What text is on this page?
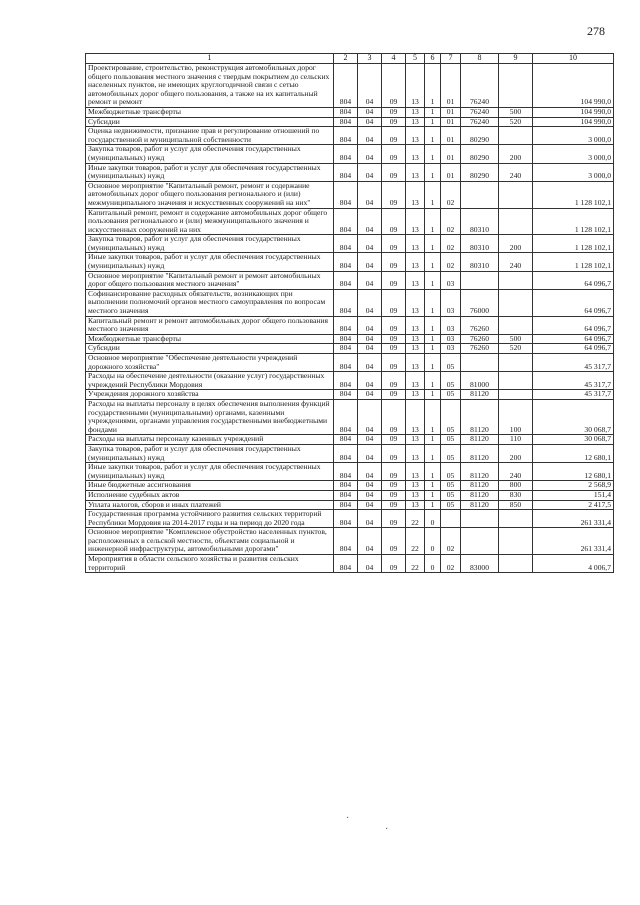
278
1	2	3	4	5	6	7	8	9	10
Проектирование, строительство, реконструкция автомобильных дорог общего пользования местного значения с твердым покрытием до сельских населенных пунктов, не имеющих круглогодичной связи с сетью автомобильных дорог общего пользования, а также на их капитальный ремонт и ремонт	804	04	09	13	1	01	76240		104 990,0
Межбюджетные трансферты	804	04	09	13	1	01	76240	500	104 990,0
Субсидии	804	04	09	13	1	01	76240	520	104 990,0
Оценка недвижимости, признание прав и регулирование отношений по государственной и муниципальной собственности	804	04	09	13	1	01	80290		3 000,0
Закупка товаров, работ и услуг для обеспечения государственных (муниципальных) нужд	804	04	09	13	1	01	80290	200	3 000,0
Иные закупки товаров, работ и услуг для обеспечения государственных (муниципальных) нужд	804	04	09	13	1	01	80290	240	3 000,0
Основное мероприятие "Капитальный ремонт, ремонт и содержание автомобильных дорог общего пользования регионального и (или) межмуниципального значения и искусственных сооружений на них"	804	04	09	13	1	02			1 128 102,1
Капитальный ремонт, ремонт и содержание автомобильных дорог общего пользования регионального и (или) межмуниципального значения и искусственных сооружений на них	804	04	09	13	1	02	80310		1 128 102,1
Закупка товаров, работ и услуг для обеспечения государственных (муниципальных) нужд	804	04	09	13	1	02	80310	200	1 128 102,1
Иные закупки товаров, работ и услуг для обеспечения государственных (муниципальных) нужд	804	04	09	13	1	02	80310	240	1 128 102,1
Основное мероприятие "Капитальный ремонт и ремонт автомобильных дорог общего пользования местного значения"	804	04	09	13	1	03			64 096,7
Софинансирование расходных обязательств, возникающих при выполнении полномочий органов местного самоуправления по вопросам местного значения	804	04	09	13	1	03	76000		64 096,7
Капитальный ремонт и ремонт автомобильных дорог общего пользования местного значения	804	04	09	13	1	03	76260		64 096,7
Межбюджетные трансферты	804	04	09	13	1	03	76260	500	64 096,7
Субсидии	804	04	09	13	1	03	76260	520	64 096,7
Основное мероприятие "Обеспечение деятельности учреждений дорожного хозяйства"	804	04	09	13	1	05			45 317,7
Расходы на обеспечение деятельности (оказание услуг) государственных учреждений Республики Мордовия	804	04	09	13	1	05	81000		45 317,7
Учреждения дорожного хозяйства	804	04	09	13	1	05	81120		45 317,7
Расходы на выплаты персоналу в целях обеспечения выполнения функций государственными (муниципальными) органами, казенными учреждениями, органами управления государственными внебюджетными фондами	804	04	09	13	1	05	81120	100	30 068,7
Расходы на выплаты персоналу казенных учреждений	804	04	09	13	1	05	81120	110	30 068,7
Закупка товаров, работ и услуг для обеспечения государственных (муниципальных) нужд	804	04	09	13	1	05	81120	200	12 680,1
Иные закупки товаров, работ и услуг для обеспечения государственных (муниципальных) нужд	804	04	09	13	1	05	81120	240	12 680,1
Иные бюджетные ассигнования	804	04	09	13	1	05	81120	800	2 568,9
Исполнение судебных актов	804	04	09	13	1	05	81120	830	151,4
Уплата налогов, сборов и иных платежей	804	04	09	13	1	05	81120	850	2 417,5
Государственная программа устойчивого развития сельских территорий Республики Мордовия на 2014-2017 годы и на период до 2020 года	804	04	09	22	0				261 331,4
Основное мероприятие "Комплексное обустройство населенных пунктов, расположенных в сельской местности, объектами социальной и инженерной инфраструктуры, автомобильными дорогами"	804	04	09	22	0	02			261 331,4
Мероприятия в области сельского хозяйства и развития сельских территорий	804	04	09	22	0	02	83000		4 006,7
·
·
